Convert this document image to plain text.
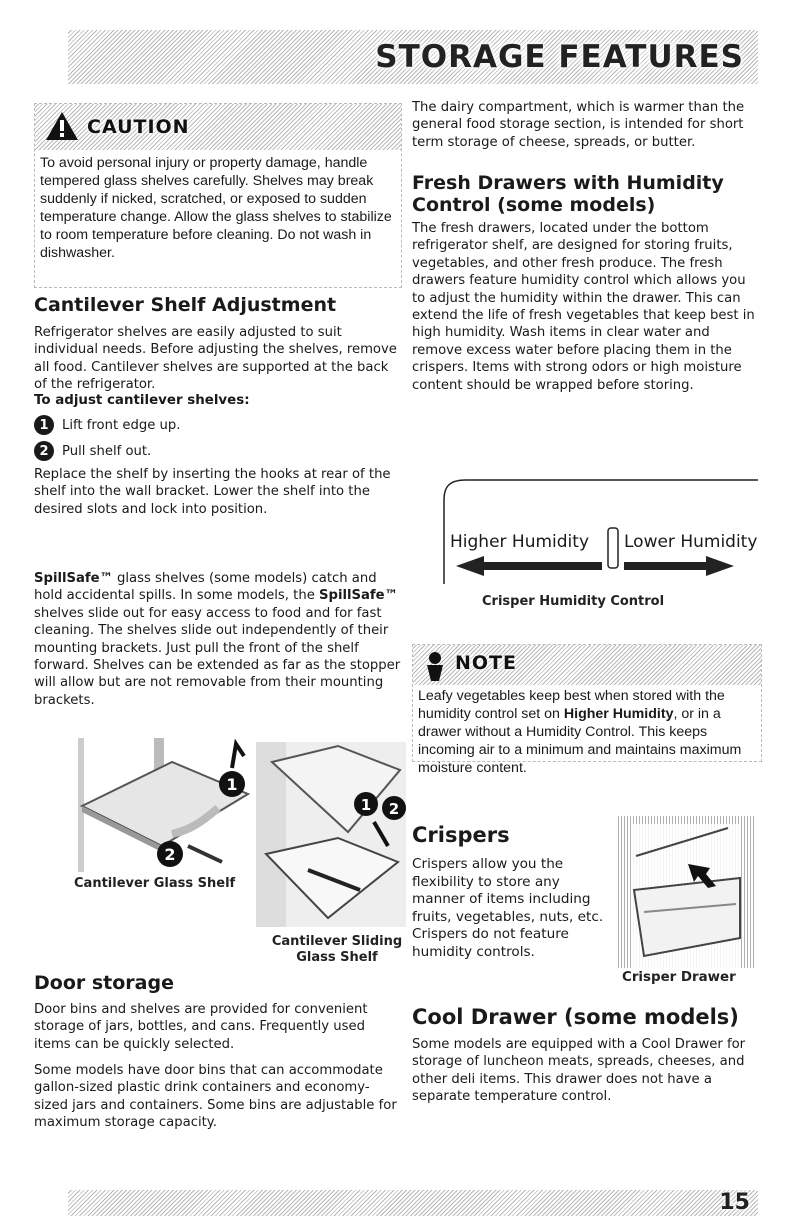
STORAGE FEATURES
CAUTION
To avoid personal injury or property damage, handle tempered glass shelves carefully. Shelves may break suddenly if nicked, scratched, or exposed to sudden temperature change. Allow the glass shelves to stabilize to room temperature before cleaning. Do not wash in dishwasher.
Cantilever Shelf Adjustment

Refrigerator shelves are easily adjusted to suit individual needs. Before adjusting the shelves, remove all food. Cantilever shelves are supported at the back of the refrigerator.

To adjust cantilever shelves:
1	Lift front edge up.
2	Pull shelf out.

Replace the shelf by inserting the hooks at rear of the shelf into the wall bracket. Lower the shelf into the desired slots and lock into position.

SpillSafe™ glass shelves (some models) catch and hold accidental spills. In some models, the SpillSafe™ shelves slide out for easy access to food and for fast cleaning. The shelves slide out independently of their mounting brackets. Just pull the front of the shelf forward. Shelves can be extended as far as the stopper will allow but are not removable from their mounting brackets.

1
2
Cantilever Glass Shelf
1 2
Cantilever Sliding Glass Shelf
Door storage

Door bins and shelves are provided for convenient storage of jars, bottles, and cans. Frequently used items can be quickly selected.

Some models have door bins that can accommodate gallon-sized plastic drink containers and economy-sized jars and containers. Some bins are adjustable for maximum storage capacity.

The dairy compartment, which is warmer than the general food storage section, is intended for short term storage of cheese, spreads, or butter.

Fresh Drawers with Humidity Control (some models)

The fresh drawers, located under the bottom refrigerator shelf, are designed for storing fruits, vegetables, and other fresh produce. The fresh drawers feature humidity control which allows you to adjust the humidity within the drawer. This can extend the life of fresh vegetables that keep best in high humidity. Wash items in clear water and remove excess water before placing them in the crispers. Items with strong odors or high moisture content should be wrapped before storing.

Higher Humidity Lower Humidity
Crisper Humidity Control
NOTE
Leafy vegetables keep best when stored with the humidity control set on Higher Humidity, or in a drawer without a Humidity Control. This keeps incoming air to a minimum and maintains maximum moisture content.
Crispers

Crispers allow you the flexibility to store any manner of items including fruits, vegetables, nuts, etc. Crispers do not feature humidity controls.

Crisper Drawer
Cool Drawer (some models)

Some models are equipped with a Cool Drawer for storage of luncheon meats, spreads, cheeses, and other deli items. This drawer does not have a separate temperature control.

15
